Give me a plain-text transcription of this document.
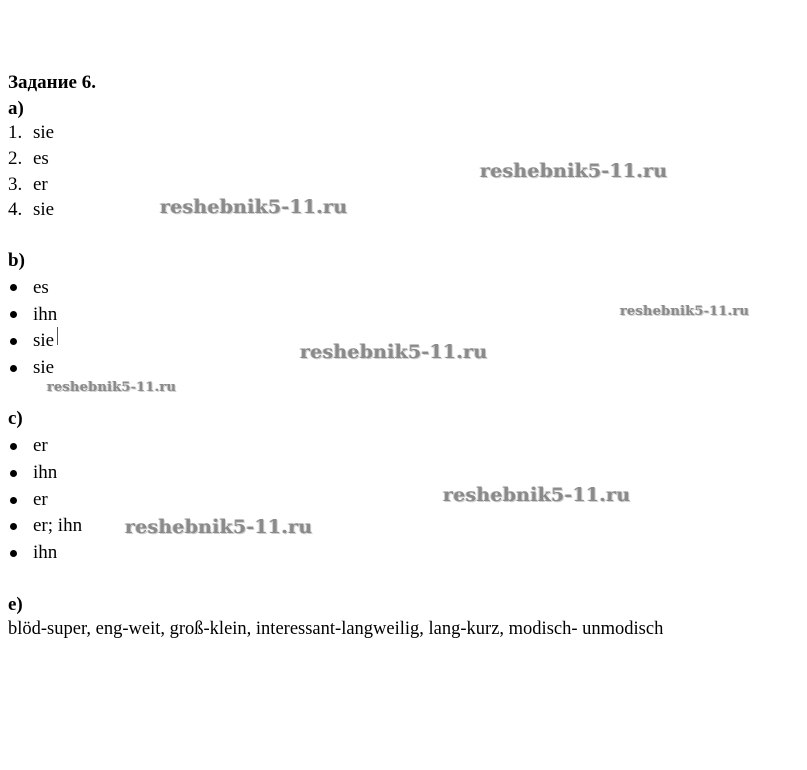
Задание 6.
a)
1. sie
2. es
3. er
4. sie
b)
es
ihn
sie
sie
c)
er
ihn
er
er; ihn
ihn
e)
blöd-super, eng-weit, groß-klein, interessant-langweilig, lang-kurz, modisch- unmodisch
reshebnik5-11.ru
reshebnik5-11.ru
reshebnik5-11.ru
reshebnik5-11.ru
reshebnik5-11.ru
reshebnik5-11.ru
reshebnik5-11.ru
